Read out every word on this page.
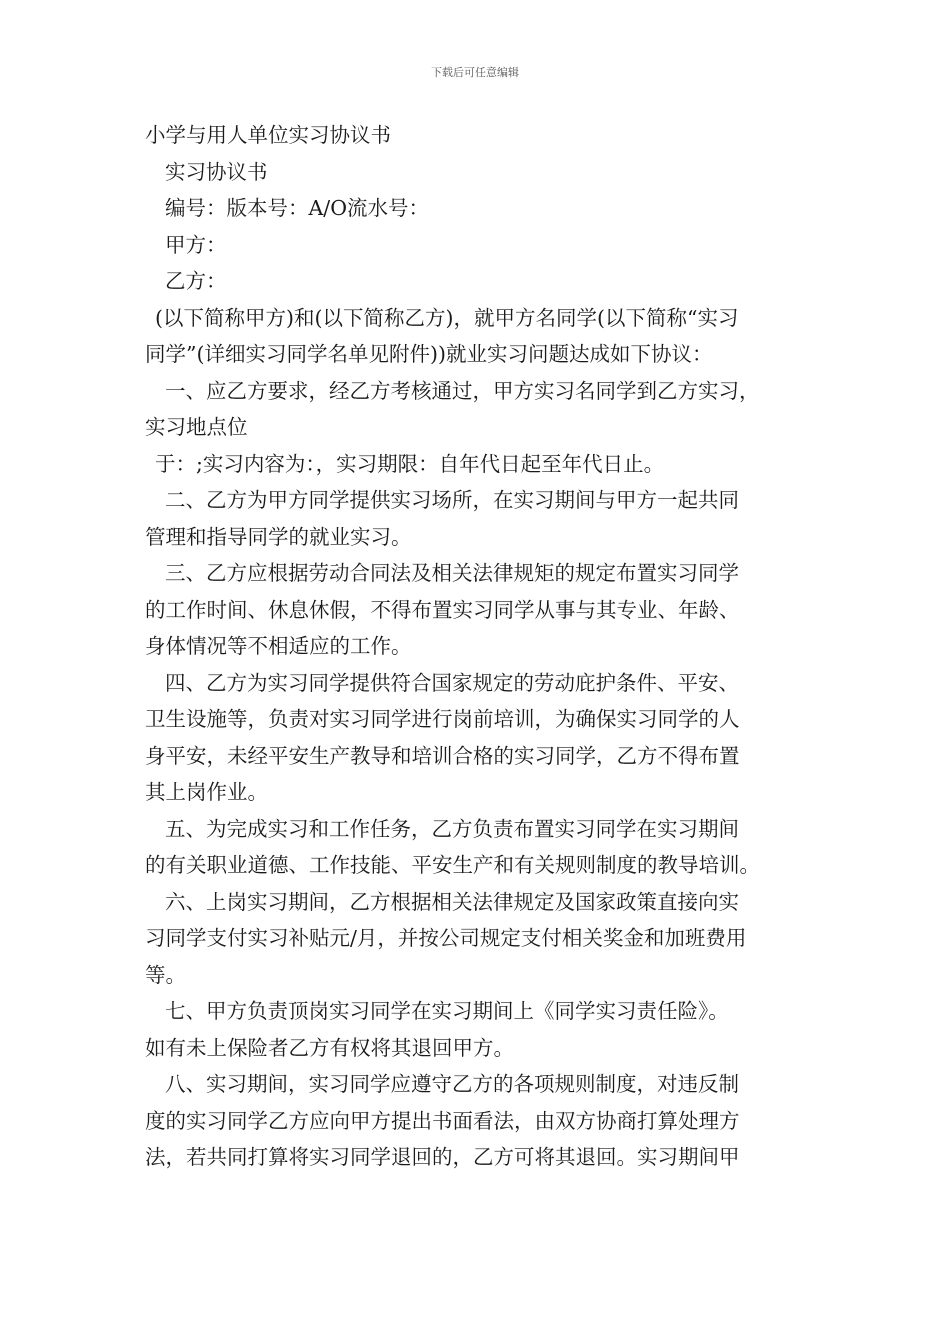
下载后可任意编辑
小学与用人单位实习协议书
实习协议书
编号：版本号：A/O流水号：
甲方：
乙方：
(以下简称甲方)和(以下简称乙方)，就甲方名同学(以下简称“实习
同学”(详细实习同学名单见附件))就业实习问题达成如下协议：
一、应乙方要求，经乙方考核通过，甲方实习名同学到乙方实习，
实习地点位
于：;实习内容为：，实习期限：自年代日起至年代日止。
二、乙方为甲方同学提供实习场所，在实习期间与甲方一起共同
管理和指导同学的就业实习。
三、乙方应根据劳动合同法及相关法律规矩的规定布置实习同学
的工作时间、休息休假，不得布置实习同学从事与其专业、年龄、
身体情况等不相适应的工作。
四、乙方为实习同学提供符合国家规定的劳动庇护条件、平安、
卫生设施等，负责对实习同学进行岗前培训，为确保实习同学的人
身平安，未经平安生产教导和培训合格的实习同学，乙方不得布置
其上岗作业。
五、为完成实习和工作任务，乙方负责布置实习同学在实习期间
的有关职业道德、工作技能、平安生产和有关规则制度的教导培训。
六、上岗实习期间，乙方根据相关法律规定及国家政策直接向实
习同学支付实习补贴元/月，并按公司规定支付相关奖金和加班费用
等。
七、甲方负责顶岗实习同学在实习期间上《同学实习责任险》。
如有未上保险者乙方有权将其退回甲方。
八、实习期间，实习同学应遵守乙方的各项规则制度，对违反制
度的实习同学乙方应向甲方提出书面看法，由双方协商打算处理方
法，若共同打算将实习同学退回的，乙方可将其退回。实习期间甲
